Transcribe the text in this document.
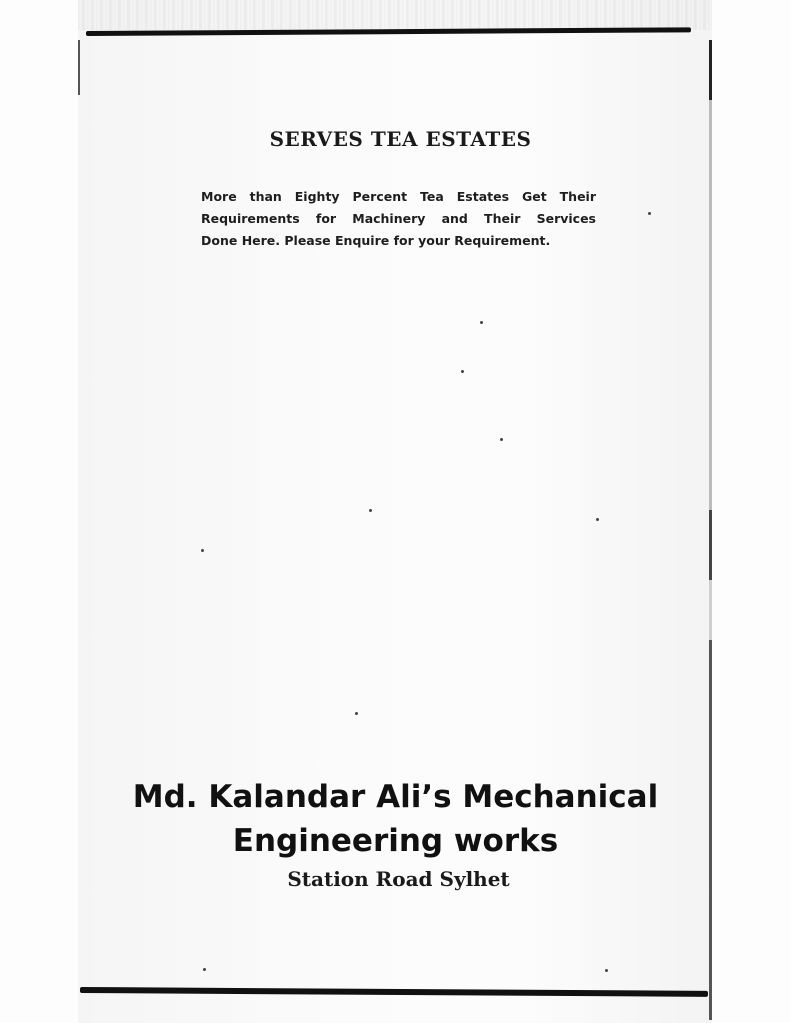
SERVES TEA ESTATES
More than Eighty Percent Tea Estates Get Their
Requirements for Machinery and Their Services
Done Here. Please Enquire for your Requirement.
Md. Kalandar Ali’s Mechanical
Engineering works
Station Road Sylhet
